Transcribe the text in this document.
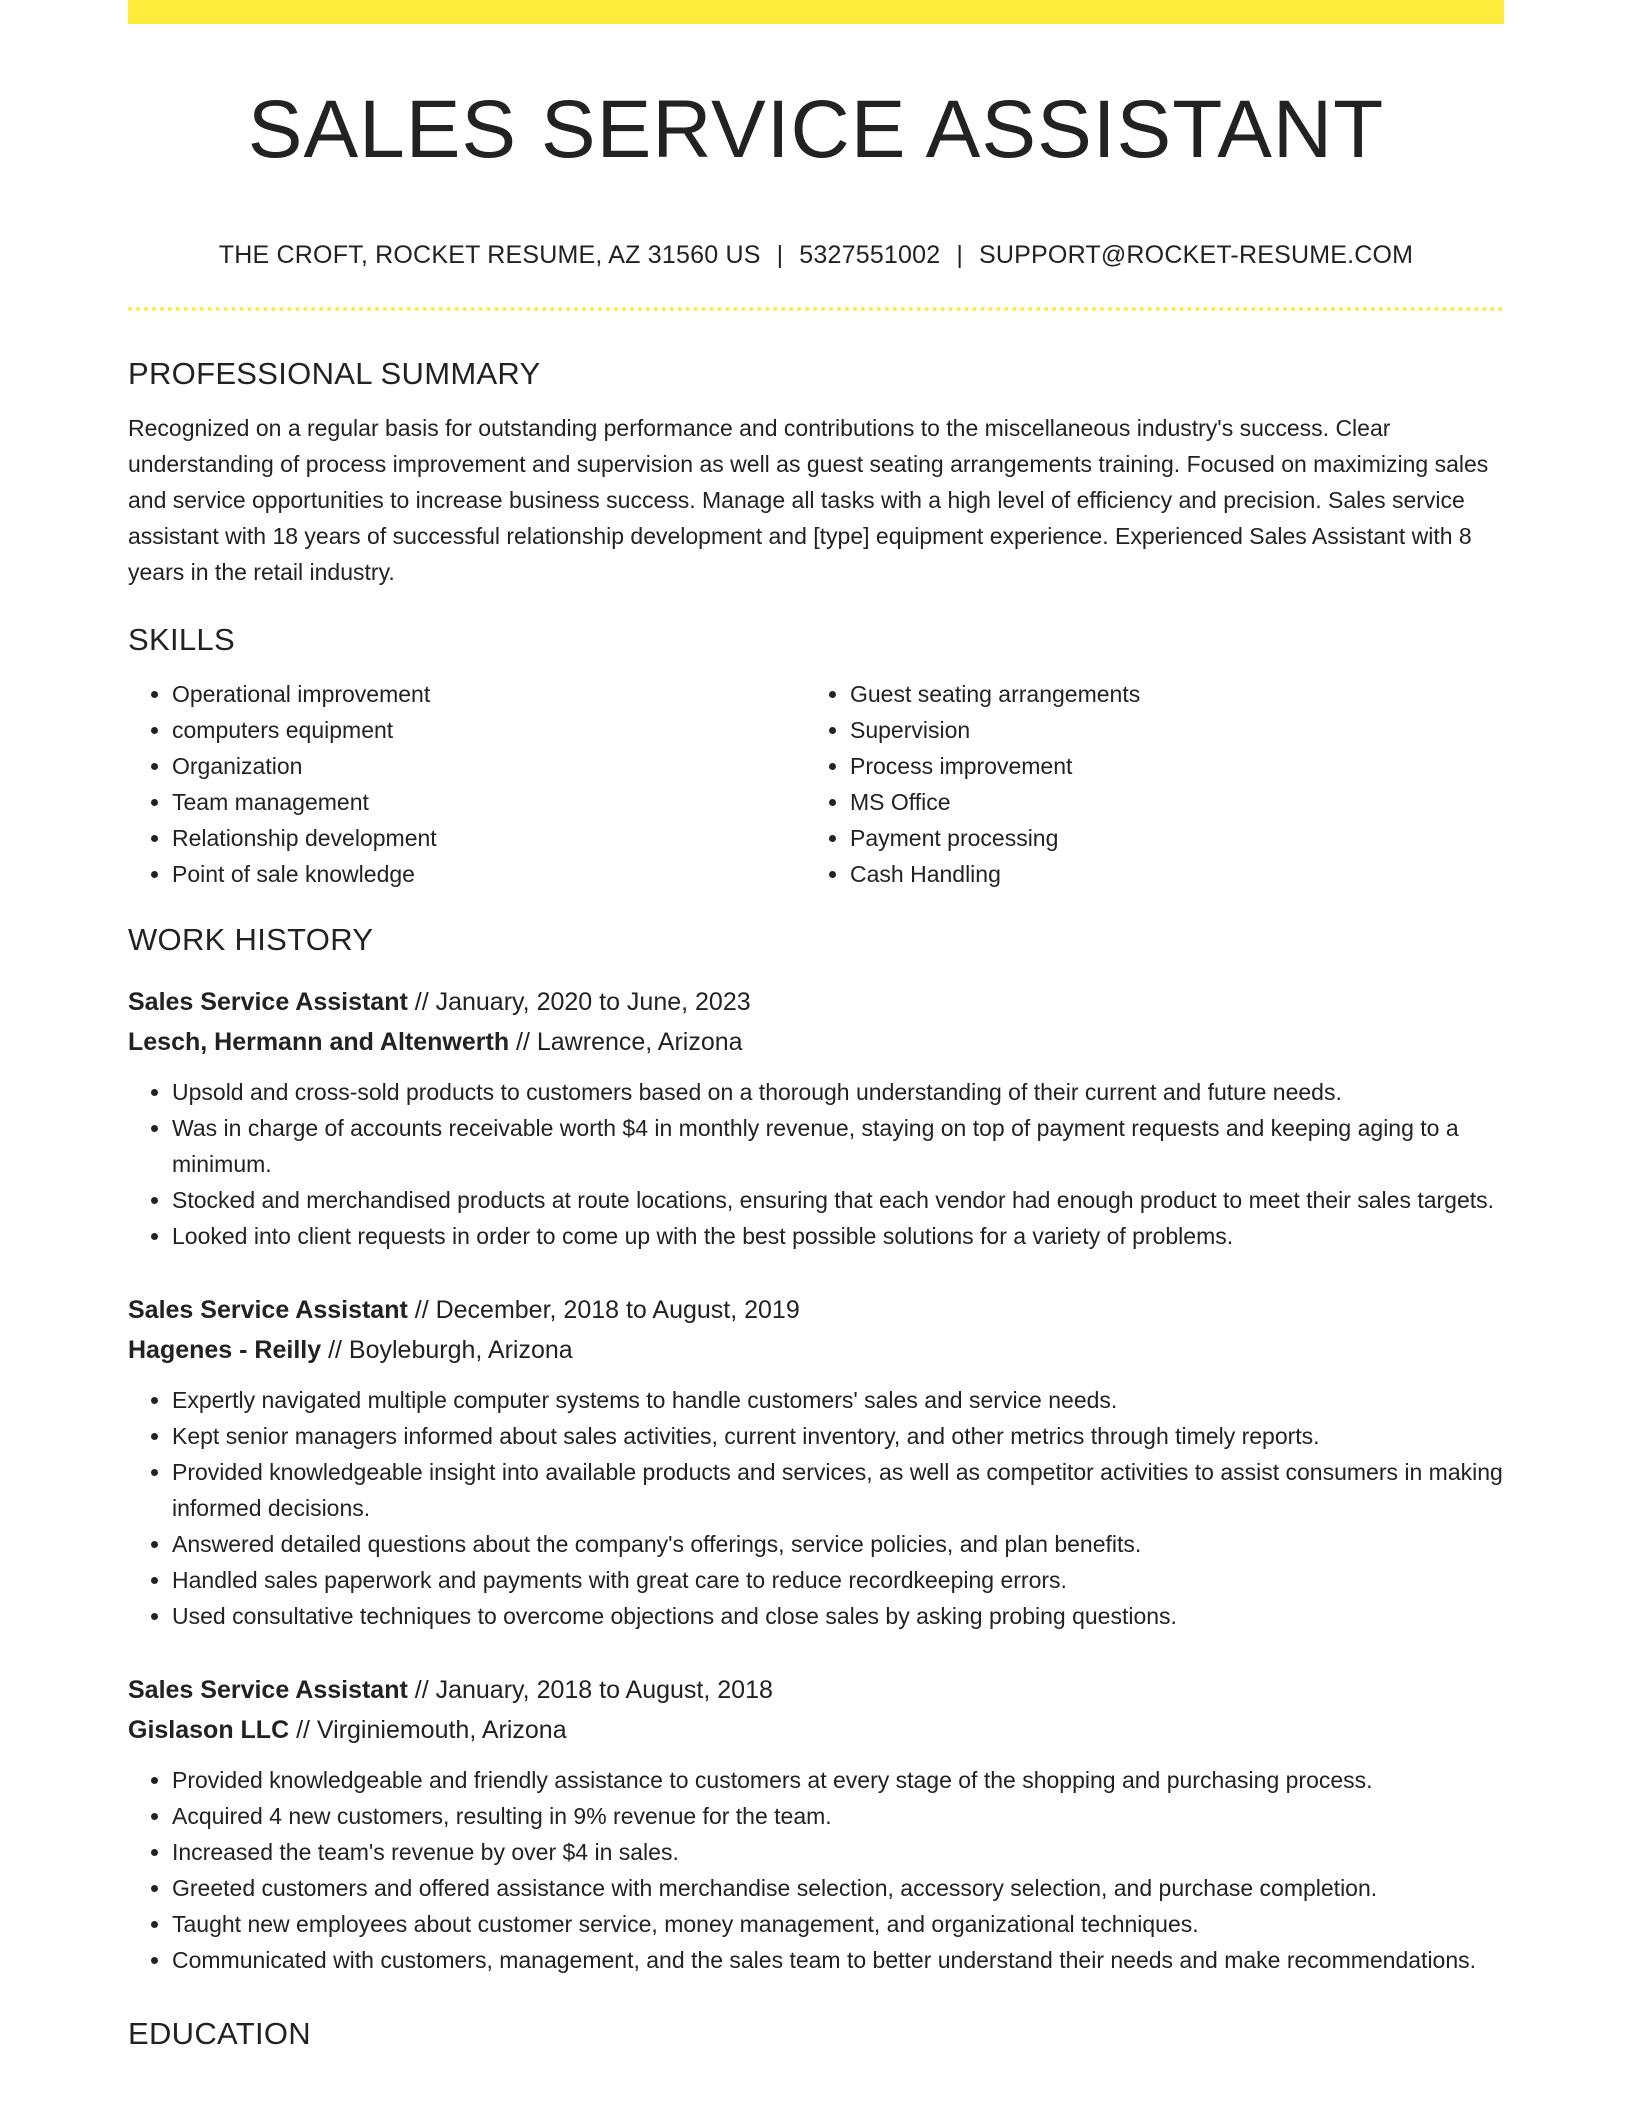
SALES SERVICE ASSISTANT
THE CROFT, ROCKET RESUME, AZ 31560 US | 5327551002 | SUPPORT@ROCKET-RESUME.COM
PROFESSIONAL SUMMARY

Recognized on a regular basis for outstanding performance and contributions to the miscellaneous industry's success. Clear understanding of process improvement and supervision as well as guest seating arrangements training. Focused on maximizing sales and service opportunities to increase business success. Manage all tasks with a high level of efficiency and precision. Sales service assistant with 18 years of successful relationship development and [type] equipment experience. Experienced Sales Assistant with 8 years in the retail industry.

SKILLS
• Operational improvement
• computers equipment
• Organization
• Team management
• Relationship development
• Point of sale knowledge
• Guest seating arrangements
• Supervision
• Process improvement
• MS Office
• Payment processing
• Cash Handling
WORK HISTORY
Sales Service Assistant // January, 2020 to June, 2023
Lesch, Hermann and Altenwerth // Lawrence, Arizona
• Upsold and cross-sold products to customers based on a thorough understanding of their current and future needs.
• Was in charge of accounts receivable worth $4 in monthly revenue, staying on top of payment requests and keeping aging to a minimum.
• Stocked and merchandised products at route locations, ensuring that each vendor had enough product to meet their sales targets.
• Looked into client requests in order to come up with the best possible solutions for a variety of problems.
Sales Service Assistant // December, 2018 to August, 2019
Hagenes - Reilly // Boyleburgh, Arizona
• Expertly navigated multiple computer systems to handle customers' sales and service needs.
• Kept senior managers informed about sales activities, current inventory, and other metrics through timely reports.
• Provided knowledgeable insight into available products and services, as well as competitor activities to assist consumers in making informed decisions.
• Answered detailed questions about the company's offerings, service policies, and plan benefits.
• Handled sales paperwork and payments with great care to reduce recordkeeping errors.
• Used consultative techniques to overcome objections and close sales by asking probing questions.
Sales Service Assistant // January, 2018 to August, 2018
Gislason LLC // Virginiemouth, Arizona
• Provided knowledgeable and friendly assistance to customers at every stage of the shopping and purchasing process.
• Acquired 4 new customers, resulting in 9% revenue for the team.
• Increased the team's revenue by over $4 in sales.
• Greeted customers and offered assistance with merchandise selection, accessory selection, and purchase completion.
• Taught new employees about customer service, money management, and organizational techniques.
• Communicated with customers, management, and the sales team to better understand their needs and make recommendations.
EDUCATION
